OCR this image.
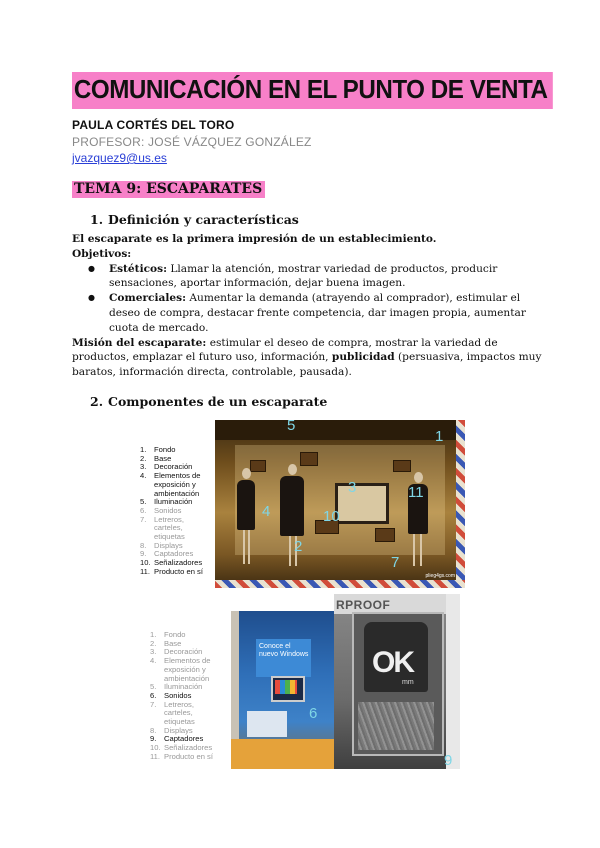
COMUNICACIÓN EN EL PUNTO DE VENTA
PAULA CORTÉS DEL TORO
PROFESOR: JOSÉ VÁZQUEZ GONZÁLEZ
jvazquez9@us.es
TEMA 9: ESCAPARATES
1. Definición y características

El escaparate es la primera impresión de un establecimiento.

Objetivos:

● Estéticos: Llamar la atención, mostrar variedad de productos, producir sensaciones, aportar información, dejar buena imagen.
● Comerciales: Aumentar la demanda (atrayendo al comprador), estimular el deseo de compra, destacar frente competencia, dar imagen propia, aumentar cuota de mercado.

Misión del escaparate: estimular el deseo de compra, mostrar la variedad de productos, emplazar el futuro uso, información, publicidad (persuasiva, impactos muy baratos, información directa, controlable, pausada).

2. Componentes de un escaparate
1.	Fondo
2.	Base
3.	Decoración
4.	Elementos de
exposición y
ambientación
5.	Iluminación
6.	Sonidos
7.	Letreros,
carteles,
etiquetas
8.	Displays
9.	Captadores
10. Señalizadores
11. Producto en sí
plieg4gs.com
5
1
3
4	10
11
2
7
1.	Fondo
2.	Base
3.	Decoración
4.	Elementos de
exposición y
ambientación
5.	Iluminación
6.	Sonidos
7.	Letreros,
carteles,
etiquetas
8.	Displays
9.	Captadores
10. Señalizadores
11. Producto en sí
Conoce el nuevo Windows
6
RPROOF
OK
mm
9
